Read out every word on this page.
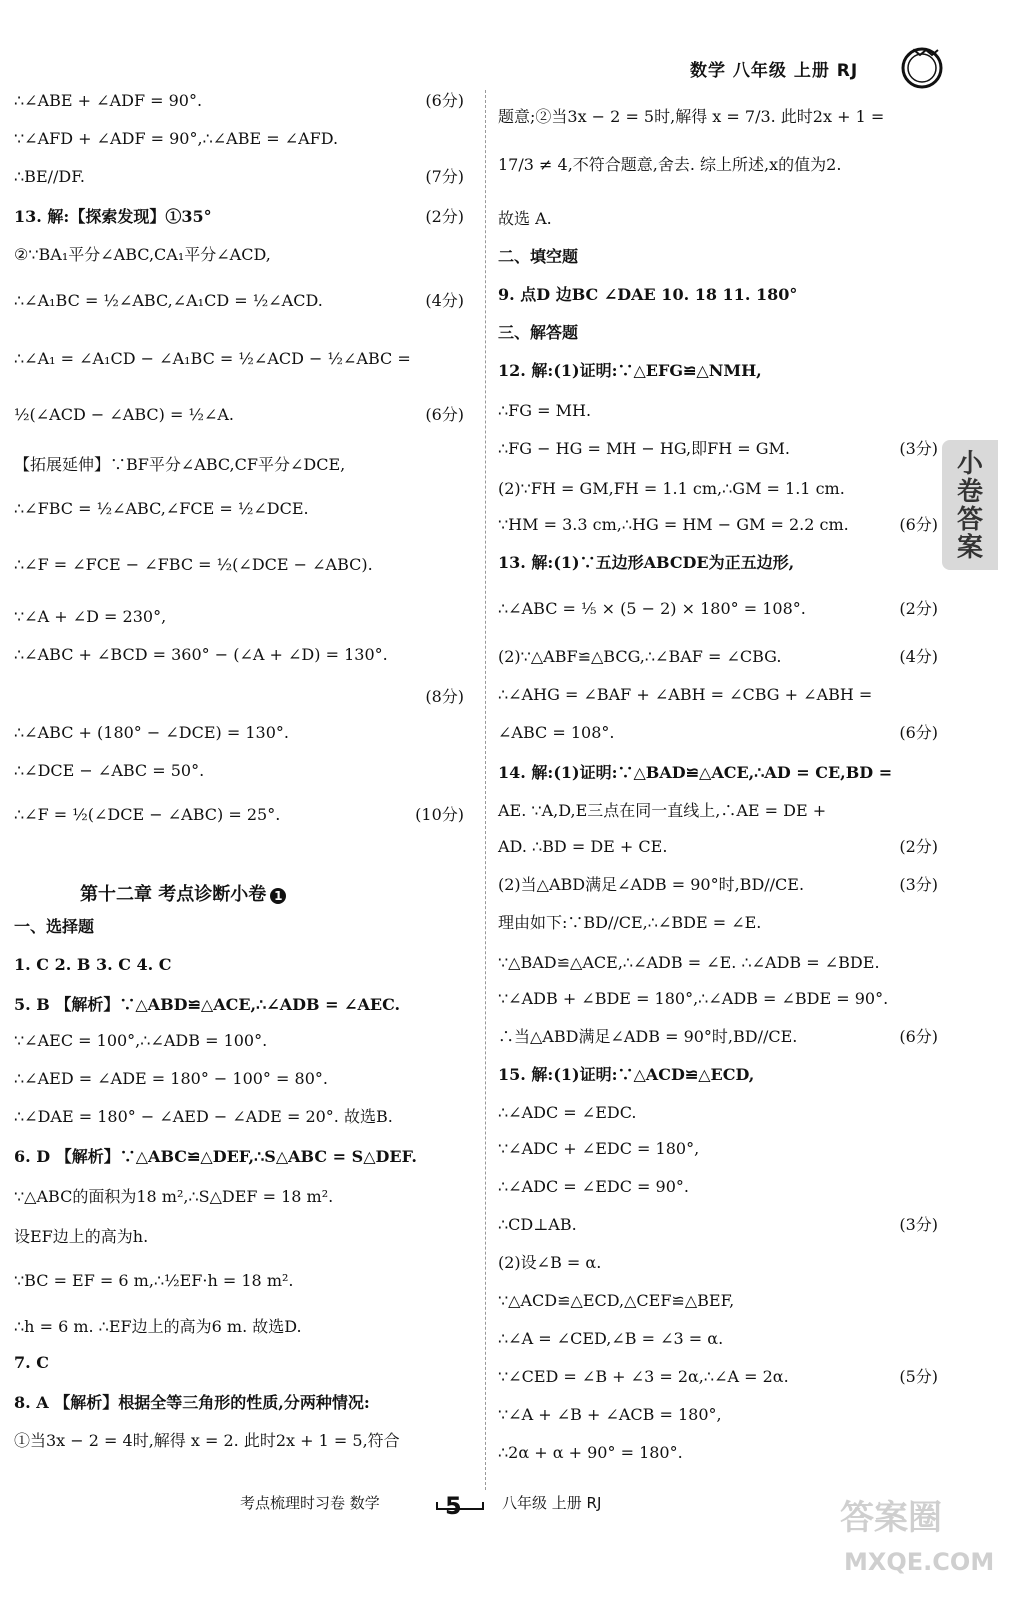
数学 八年级 上册 RJ
∴∠ABE + ∠ADF = 90°.	(6分)
∵∠AFD + ∠ADF = 90°,∴∠ABE = ∠AFD.
∴BE//DF.	(7分)
13. 解:【探索发现】①35°	(2分)
②∵BA₁平分∠ABC,CA₁平分∠ACD,
∴∠A₁BC = ½∠ABC,∠A₁CD = ½∠ACD.	(4分)
∴∠A₁ = ∠A₁CD − ∠A₁BC = ½∠ACD − ½∠ABC =
½(∠ACD − ∠ABC) = ½∠A.	(6分)
【拓展延伸】∵BF平分∠ABC,CF平分∠DCE,
∴∠FBC = ½∠ABC,∠FCE = ½∠DCE.
∴∠F = ∠FCE − ∠FBC = ½(∠DCE − ∠ABC).
∵∠A + ∠D = 230°,
∴∠ABC + ∠BCD = 360° − (∠A + ∠D) = 130°.
(8分)
∴∠ABC + (180° − ∠DCE) = 130°.
∴∠DCE − ∠ABC = 50°.
∴∠F = ½(∠DCE − ∠ABC) = 25°.	(10分)
一、选择题
1. C 2. B 3. C 4. C
5. B 【解析】∵△ABD≌△ACE,∴∠ADB = ∠AEC.
∵∠AEC = 100°,∴∠ADB = 100°.
∴∠AED = ∠ADE = 180° − 100° = 80°.
∴∠DAE = 180° − ∠AED − ∠ADE = 20°. 故选B.
6. D 【解析】∵△ABC≌△DEF,∴S△ABC = S△DEF.
∵△ABC的面积为18 m²,∴S△DEF = 18 m².
设EF边上的高为h.
∵BC = EF = 6 m,∴½EF·h = 18 m².
∴h = 6 m. ∴EF边上的高为6 m. 故选D.
7. C
8. A 【解析】根据全等三角形的性质,分两种情况:
①当3x − 2 = 4时,解得 x = 2. 此时2x + 1 = 5,符合
第十二章 考点诊断小卷 1
题意;②当3x − 2 = 5时,解得 x = 7/3. 此时2x + 1 =
17/3 ≠ 4,不符合题意,舍去. 综上所述,x的值为2.
故选 A.
二、填空题
9. 点D 边BC ∠DAE 10. 18 11. 180°
三、解答题
12. 解:(1)证明:∵△EFG≌△NMH,
∴FG = MH.
∴FG − HG = MH − HG,即FH = GM.	(3分)
(2)∵FH = GM,FH = 1.1 cm,∴GM = 1.1 cm.
∵HM = 3.3 cm,∴HG = HM − GM = 2.2 cm.	(6分)
13. 解:(1)∵五边形ABCDE为正五边形,
∴∠ABC = ⅕ × (5 − 2) × 180° = 108°.	(2分)
(2)∵△ABF≌△BCG,∴∠BAF = ∠CBG.	(4分)
∴∠AHG = ∠BAF + ∠ABH = ∠CBG + ∠ABH =
∠ABC = 108°.	(6分)
14. 解:(1)证明:∵△BAD≌△ACE,∴AD = CE,BD =
AE. ∵A,D,E三点在同一直线上,∴AE = DE +
AD. ∴BD = DE + CE.	(2分)
(2)当△ABD满足∠ADB = 90°时,BD//CE.	(3分)
理由如下:∵BD//CE,∴∠BDE = ∠E.
∵△BAD≌△ACE,∴∠ADB = ∠E. ∴∠ADB = ∠BDE.
∵∠ADB + ∠BDE = 180°,∴∠ADB = ∠BDE = 90°.
∴当△ABD满足∠ADB = 90°时,BD//CE.	(6分)
15. 解:(1)证明:∵△ACD≌△ECD,
∴∠ADC = ∠EDC.
∵∠ADC + ∠EDC = 180°,
∴∠ADC = ∠EDC = 90°.
∴CD⊥AB.	(3分)
(2)设∠B = α.
∵△ACD≌△ECD,△CEF≌△BEF,
∴∠A = ∠CED,∠B = ∠3 = α.
∵∠CED = ∠B + ∠3 = 2α,∴∠A = 2α.	(5分)
∵∠A + ∠B + ∠ACB = 180°,
∴2α + α + 90° = 180°.
小卷答案
考点梳理时习卷 数学	5	八年级 上册 RJ	答案圈
MXQE.COM
